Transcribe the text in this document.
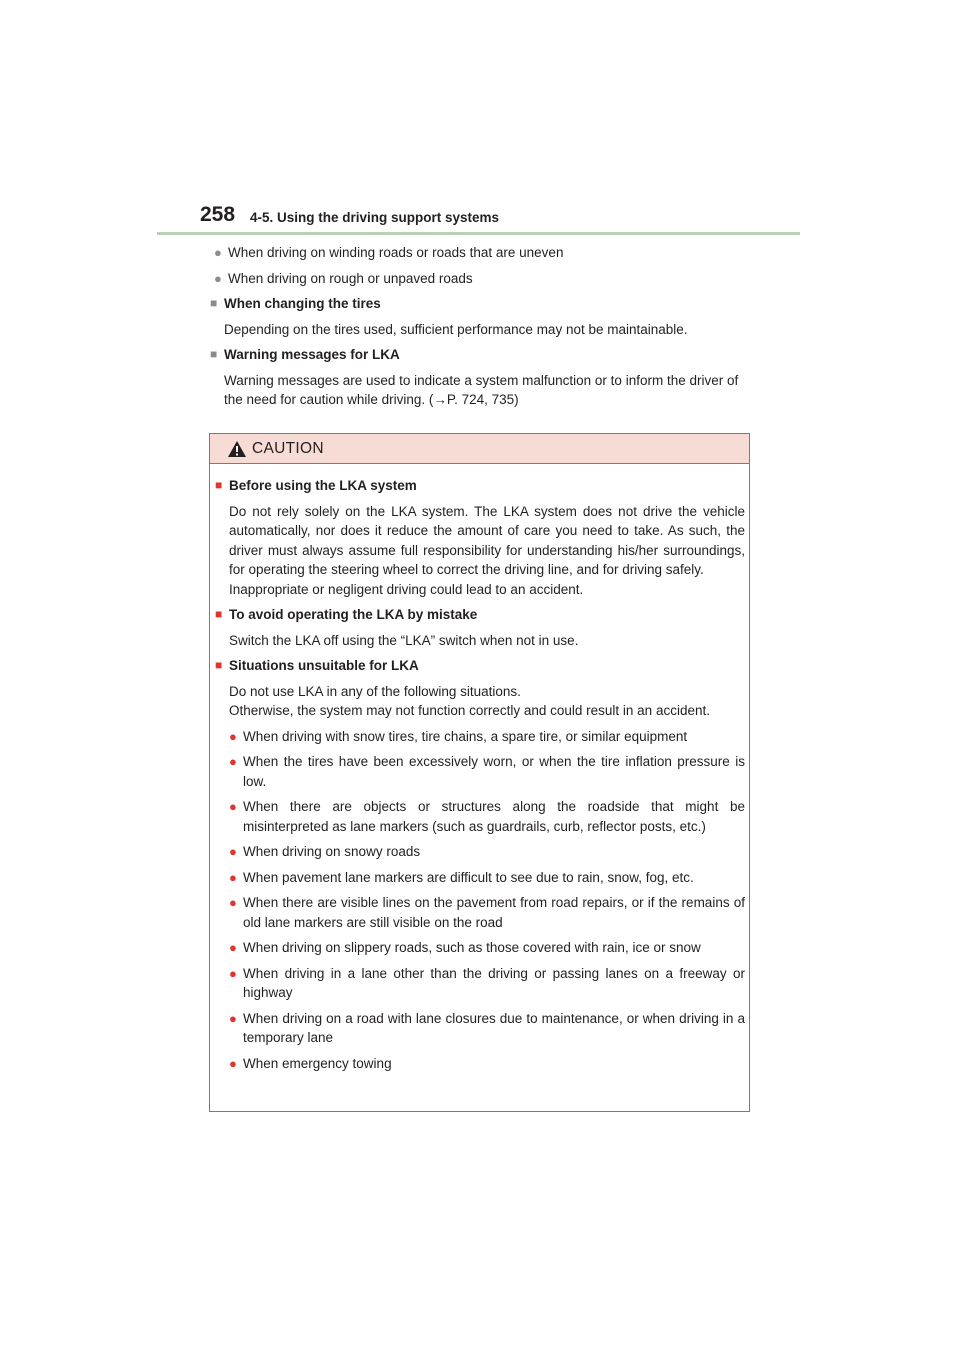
258 4-5. Using the driving support systems
● When driving on winding roads or roads that are uneven
● When driving on rough or unpaved roads
■ When changing the tires
Depending on the tires used, sufficient performance may not be maintainable.
■ Warning messages for LKA
Warning messages are used to indicate a system malfunction or to inform the driver of the need for caution while driving. (→P. 724, 735)
CAUTION
■ Before using the LKA system
Do not rely solely on the LKA system. The LKA system does not drive the vehicle automatically, nor does it reduce the amount of care you need to take. As such, the driver must always assume full responsibility for understanding his/her surroundings, for operating the steering wheel to correct the driving line, and for driving safely.
Inappropriate or negligent driving could lead to an accident.
■ To avoid operating the LKA by mistake
Switch the LKA off using the “LKA” switch when not in use.
■ Situations unsuitable for LKA
Do not use LKA in any of the following situations.
Otherwise, the system may not function correctly and could result in an accident.
● When driving with snow tires, tire chains, a spare tire, or similar equipment
● When the tires have been excessively worn, or when the tire inflation pressure is low.
● When there are objects or structures along the roadside that might be misinterpreted as lane markers (such as guardrails, curb, reflector posts, etc.)
● When driving on snowy roads
● When pavement lane markers are difficult to see due to rain, snow, fog, etc.
● When there are visible lines on the pavement from road repairs, or if the remains of old lane markers are still visible on the road
● When driving on slippery roads, such as those covered with rain, ice or snow
● When driving in a lane other than the driving or passing lanes on a freeway or highway
● When driving on a road with lane closures due to maintenance, or when driving in a temporary lane
● When emergency towing
